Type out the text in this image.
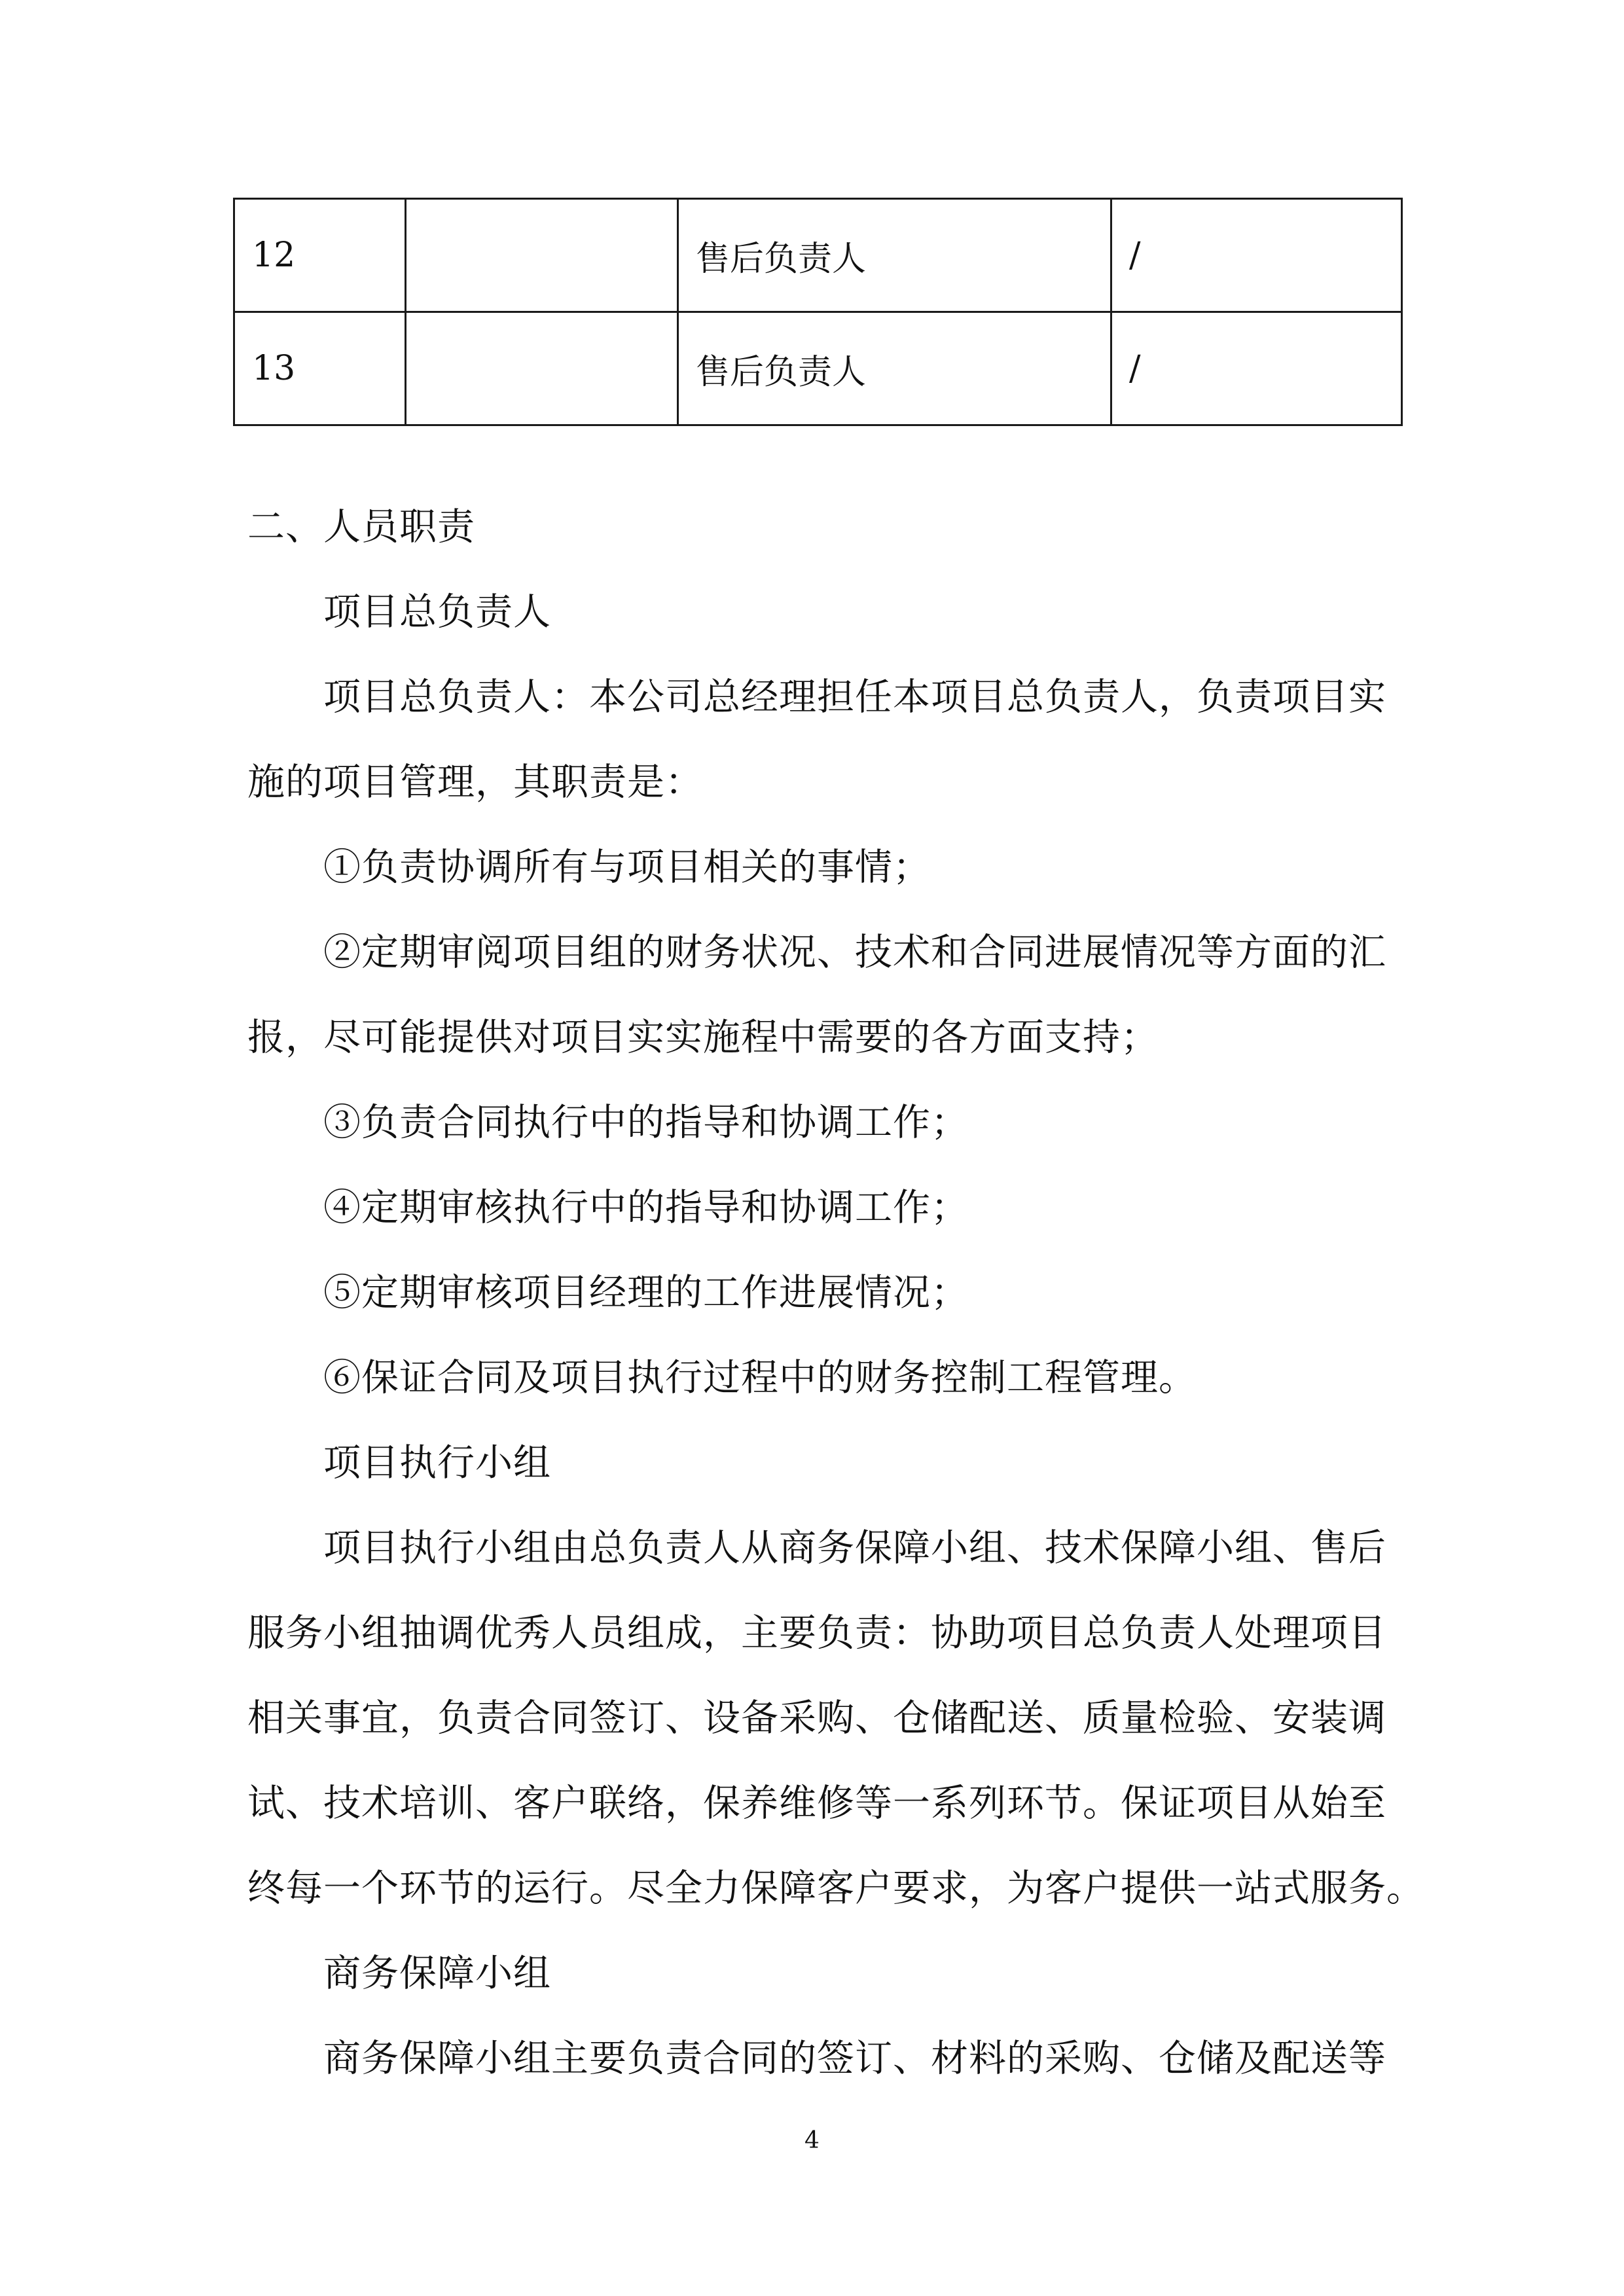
12		售后负责人	/
13		售后负责人	/
二、人员职责
项目总负责人
项目总负责人：本公司总经理担任本项目总负责人，负责项目实
施的项目管理，其职责是：
①负责协调所有与项目相关的事情；
②定期审阅项目组的财务状况、技术和合同进展情况等方面的汇
报，尽可能提供对项目实实施程中需要的各方面支持；
③负责合同执行中的指导和协调工作；
④定期审核执行中的指导和协调工作；
⑤定期审核项目经理的工作进展情况；
⑥保证合同及项目执行过程中的财务控制工程管理。
项目执行小组
项目执行小组由总负责人从商务保障小组、技术保障小组、售后
服务小组抽调优秀人员组成，主要负责：协助项目总负责人处理项目
相关事宜，负责合同签订、设备采购、仓储配送、质量检验、安装调
试、技术培训、客户联络，保养维修等一系列环节。保证项目从始至
终每一个环节的运行。尽全力保障客户要求，为客户提供一站式服务。
商务保障小组
商务保障小组主要负责合同的签订、材料的采购、仓储及配送等
4
